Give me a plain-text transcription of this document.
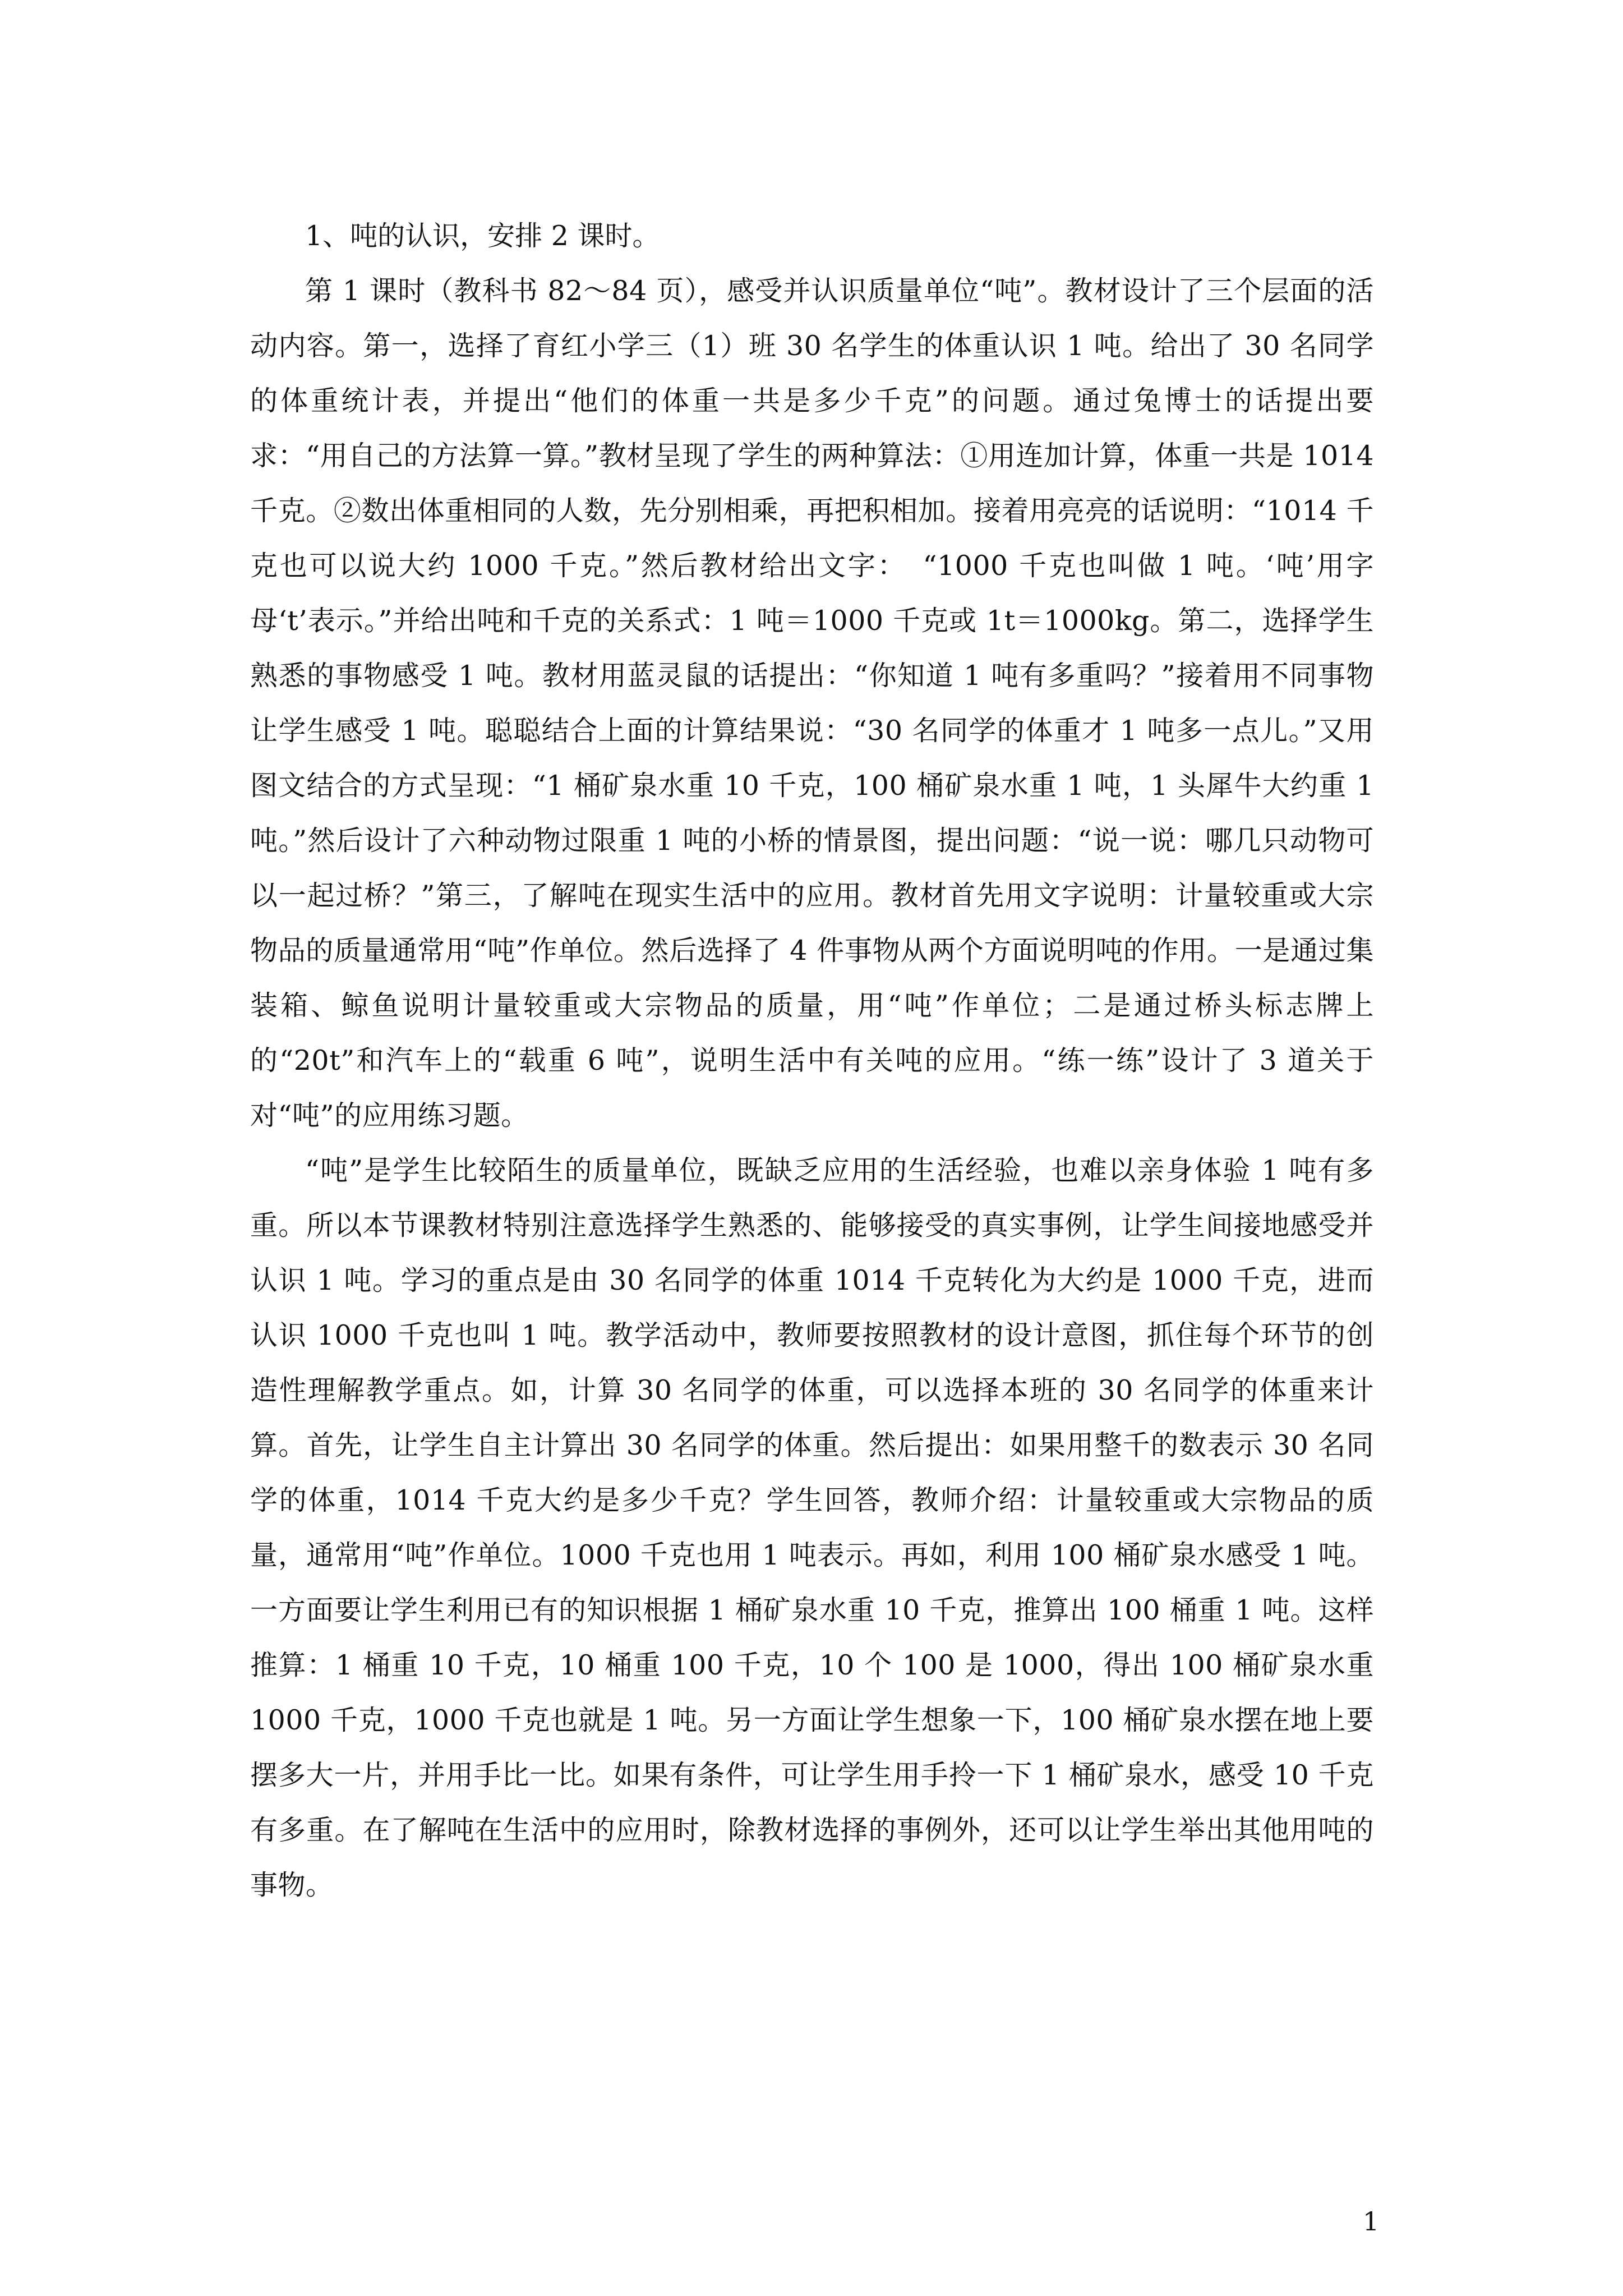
1、吨的认识，安排 2 课时。

第 1 课时（教科书 82～84 页），感受并认识质量单位“吨”。教材设计了三个层面的活动内容。第一，选择了育红小学三（1）班 30 名学生的体重认识 1 吨。给出了 30 名同学的体重统计表，并提出“他们的体重一共是多少千克”的问题。通过兔博士的话提出要求：“用自己的方法算一算。”教材呈现了学生的两种算法：①用连加计算，体重一共是 1014 千克。②数出体重相同的人数，先分别相乘，再把积相加。接着用亮亮的话说明：“1014 千克也可以说大约 1000 千克。”然后教材给出文字：　“1000 千克也叫做 1 吨。‘吨’用字母‘t’表示。”并给出吨和千克的关系式：1 吨＝1000 千克或 1t＝1000kg。第二，选择学生熟悉的事物感受 1 吨。教材用蓝灵鼠的话提出：“你知道 1 吨有多重吗？”接着用不同事物让学生感受 1 吨。聪聪结合上面的计算结果说：“30 名同学的体重才 1 吨多一点儿。”又用图文结合的方式呈现：“1 桶矿泉水重 10 千克，100 桶矿泉水重 1 吨，1 头犀牛大约重 1 吨。”然后设计了六种动物过限重 1 吨的小桥的情景图，提出问题：“说一说：哪几只动物可以一起过桥？”第三，了解吨在现实生活中的应用。教材首先用文字说明：计量较重或大宗物品的质量通常用“吨”作单位。然后选择了 4 件事物从两个方面说明吨的作用。一是通过集装箱、鲸鱼说明计量较重或大宗物品的质量，用“吨”作单位；二是通过桥头标志牌上的“20t”和汽车上的“载重 6 吨”，说明生活中有关吨的应用。“练一练”设计了 3 道关于对“吨”的应用练习题。

“吨”是学生比较陌生的质量单位，既缺乏应用的生活经验，也难以亲身体验 1 吨有多重。所以本节课教材特别注意选择学生熟悉的、能够接受的真实事例，让学生间接地感受并认识 1 吨。学习的重点是由 30 名同学的体重 1014 千克转化为大约是 1000 千克，进而认识 1000 千克也叫 1 吨。教学活动中，教师要按照教材的设计意图，抓住每个环节的创造性理解教学重点。如，计算 30 名同学的体重，可以选择本班的 30 名同学的体重来计算。首先，让学生自主计算出 30 名同学的体重。然后提出：如果用整千的数表示 30 名同学的体重，1014 千克大约是多少千克？学生回答，教师介绍：计量较重或大宗物品的质量，通常用“吨”作单位。1000 千克也用 1 吨表示。再如，利用 100 桶矿泉水感受 1 吨。一方面要让学生利用已有的知识根据 1 桶矿泉水重 10 千克，推算出 100 桶重 1 吨。这样推算：1 桶重 10 千克，10 桶重 100 千克，10 个 100 是 1000，得出 100 桶矿泉水重 1000 千克，1000 千克也就是 1 吨。另一方面让学生想象一下，100 桶矿泉水摆在地上要摆多大一片，并用手比一比。如果有条件，可让学生用手拎一下 1 桶矿泉水，感受 10 千克有多重。在了解吨在生活中的应用时，除教材选择的事例外，还可以让学生举出其他用吨的事物。

1
